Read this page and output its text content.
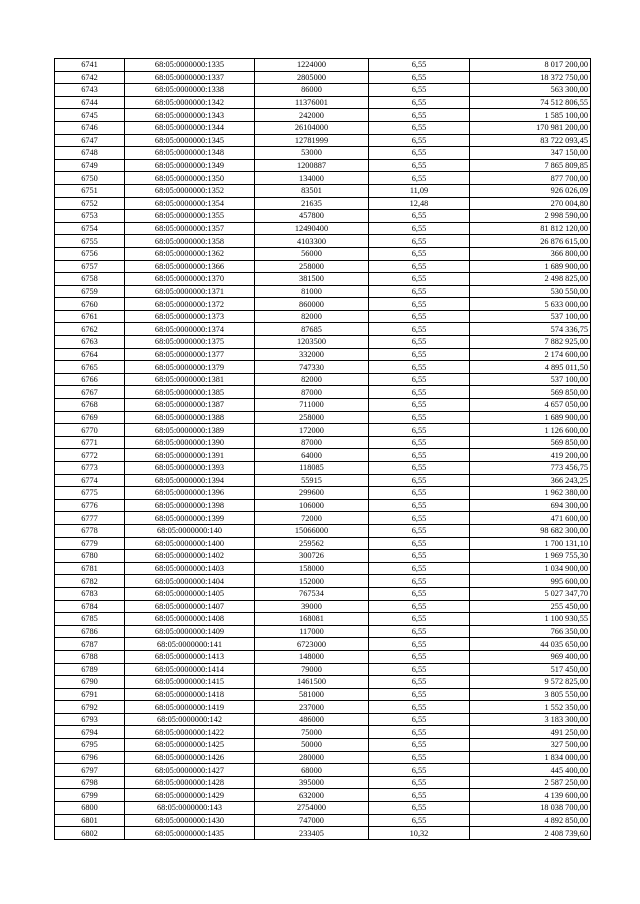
6741	68:05:0000000:1335	1224000	6,55	8 017 200,00
6742	68:05:0000000:1337	2805000	6,55	18 372 750,00
6743	68:05:0000000:1338	86000	6,55	563 300,00
6744	68:05:0000000:1342	11376001	6,55	74 512 806,55
6745	68:05:0000000:1343	242000	6,55	1 585 100,00
6746	68:05:0000000:1344	26104000	6,55	170 981 200,00
6747	68:05:0000000:1345	12781999	6,55	83 722 093,45
6748	68:05:0000000:1348	53000	6,55	347 150,00
6749	68:05:0000000:1349	1200887	6,55	7 865 809,85
6750	68:05:0000000:1350	134000	6,55	877 700,00
6751	68:05:0000000:1352	83501	11,09	926 026,09
6752	68:05:0000000:1354	21635	12,48	270 004,80
6753	68:05:0000000:1355	457800	6,55	2 998 590,00
6754	68:05:0000000:1357	12490400	6,55	81 812 120,00
6755	68:05:0000000:1358	4103300	6,55	26 876 615,00
6756	68:05:0000000:1362	56000	6,55	366 800,00
6757	68:05:0000000:1366	258000	6,55	1 689 900,00
6758	68:05:0000000:1370	381500	6,55	2 498 825,00
6759	68:05:0000000:1371	81000	6,55	530 550,00
6760	68:05:0000000:1372	860000	6,55	5 633 000,00
6761	68:05:0000000:1373	82000	6,55	537 100,00
6762	68:05:0000000:1374	87685	6,55	574 336,75
6763	68:05:0000000:1375	1203500	6,55	7 882 925,00
6764	68:05:0000000:1377	332000	6,55	2 174 600,00
6765	68:05:0000000:1379	747330	6,55	4 895 011,50
6766	68:05:0000000:1381	82000	6,55	537 100,00
6767	68:05:0000000:1385	87000	6,55	569 850,00
6768	68:05:0000000:1387	711000	6,55	4 657 050,00
6769	68:05:0000000:1388	258000	6,55	1 689 900,00
6770	68:05:0000000:1389	172000	6,55	1 126 600,00
6771	68:05:0000000:1390	87000	6,55	569 850,00
6772	68:05:0000000:1391	64000	6,55	419 200,00
6773	68:05:0000000:1393	118085	6,55	773 456,75
6774	68:05:0000000:1394	55915	6,55	366 243,25
6775	68:05:0000000:1396	299600	6,55	1 962 380,00
6776	68:05:0000000:1398	106000	6,55	694 300,00
6777	68:05:0000000:1399	72000	6,55	471 600,00
6778	68:05:0000000:140	15066000	6,55	98 682 300,00
6779	68:05:0000000:1400	259562	6,55	1 700 131,10
6780	68:05:0000000:1402	300726	6,55	1 969 755,30
6781	68:05:0000000:1403	158000	6,55	1 034 900,00
6782	68:05:0000000:1404	152000	6,55	995 600,00
6783	68:05:0000000:1405	767534	6,55	5 027 347,70
6784	68:05:0000000:1407	39000	6,55	255 450,00
6785	68:05:0000000:1408	168081	6,55	1 100 930,55
6786	68:05:0000000:1409	117000	6,55	766 350,00
6787	68:05:0000000:141	6723000	6,55	44 035 650,00
6788	68:05:0000000:1413	148000	6,55	969 400,00
6789	68:05:0000000:1414	79000	6,55	517 450,00
6790	68:05:0000000:1415	1461500	6,55	9 572 825,00
6791	68:05:0000000:1418	581000	6,55	3 805 550,00
6792	68:05:0000000:1419	237000	6,55	1 552 350,00
6793	68:05:0000000:142	486000	6,55	3 183 300,00
6794	68:05:0000000:1422	75000	6,55	491 250,00
6795	68:05:0000000:1425	50000	6,55	327 500,00
6796	68:05:0000000:1426	280000	6,55	1 834 000,00
6797	68:05:0000000:1427	68000	6,55	445 400,00
6798	68:05:0000000:1428	395000	6,55	2 587 250,00
6799	68:05:0000000:1429	632000	6,55	4 139 600,00
6800	68:05:0000000:143	2754000	6,55	18 038 700,00
6801	68:05:0000000:1430	747000	6,55	4 892 850,00
6802	68:05:0000000:1435	233405	10,32	2 408 739,60
